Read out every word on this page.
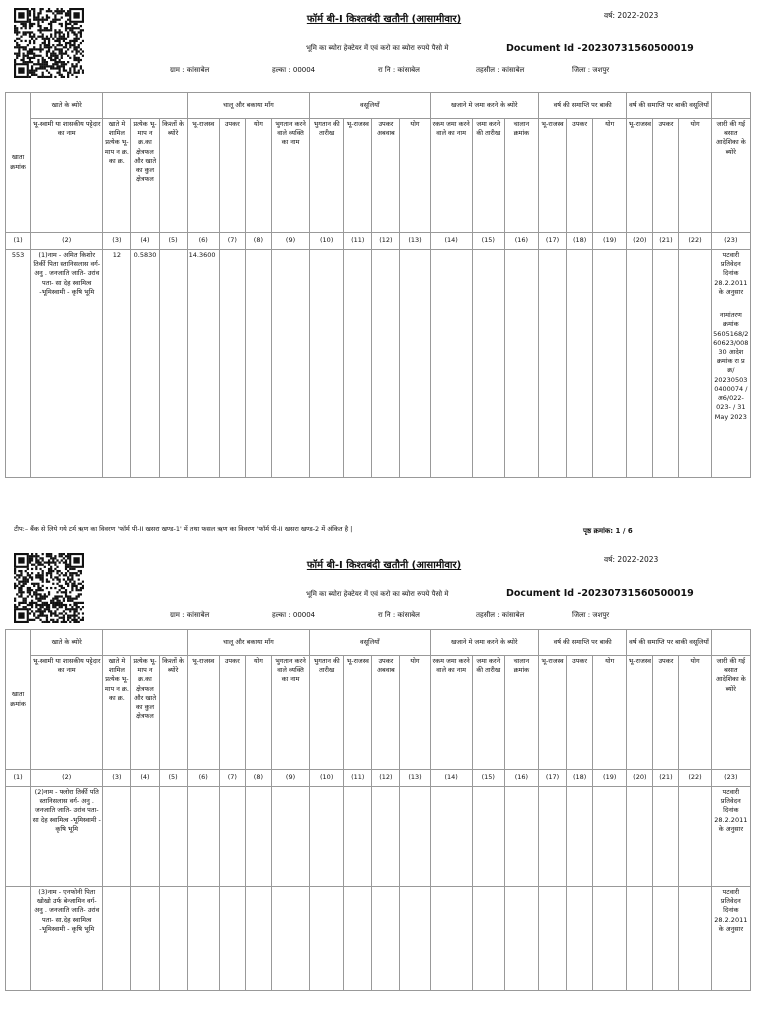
फॉर्म बी-I किश्तबंदी खतौनी (आसामीवार)	वर्ष: 2022-2023
भूमि का ब्योरा हेक्टेयर में एवं करो का ब्योरा रुपये पैसो मे	Document Id -20230731560500019
ग्राम : कांसाबेल	हल्का : 00004	रा नि : कांसाबेल	तहसील : कांसाबेल	जिला : जशपुर
खाता क्रमांक	खाते के ब्योरे				चालू और बकाया माँग				वसूलियाँ				खजाने मे जमा करने के ब्योरे			वर्ष की समाप्ति पर बाकी			वर्ष की समाप्ति पर बाकी वसूलियाँ			
	भू-स्वामी या शासकीय पट्टेदार का नाम	खाते मे शामिल प्रत्येक भू-माप न क्र. का क्र.	प्रत्येक भू-माप न क्र.का क्षेत्रफल और खाते का कुल क्षेत्रफल	किश्तों के ब्योरे	भू-राजस्व	उपकर	योग	भुगतान करने वाले व्यक्ति का नाम	भुगतान की तारीख	भू-राजस्व	उपकर अबवाब	योग	रकम जमा करने वाले का नाम	जमा करने की तारीख	चालान क्रमांक	भू-राजस्व	उपकर	योग	भू-राजस्व	उपकर	योग	जारी की गई बसात आदेशिका के ब्योरे
(1)	(2)	(3)	(4)	(5)	(6)	(7)	(8)	(9)	(10)	(11)	(12)	(13)	(14)	(15)	(16)	(17)	(18)	(19)	(20)	(21)	(22)	(23)
553	(1)नाम - अमित किशोर तिर्की पिता स्तानिसलास वर्ग- अनु . जनजाति जाति- उरांव पता- सा देह स्वामित्व -भूमिस्वामी - कृषि भूमि	12	0.5830		14.3600																	पटवारी प्रतिवेदन दिनांक 28.2.2011 के अनुसार
नामांतरण क्रमांक 5605168/2 60623/008 30 आदेश क्रमांक रा प्र क्र/ 20230503 0400074 /अ6/022- 023- / 31 May 2023
टीप:– बैंक से लिये गये टर्म ऋण का विवरण 'फॉर्म पी-II खसरा खण्ड-1' में तथा फसल ऋण का विवरण 'फॉर्म पी-II खसरा खण्ड-2 में अंकित है |	पृष्ठ क्रमांक: 1 / 6
फॉर्म बी-I किश्तबंदी खतौनी (आसामीवार)
वर्ष: 2022-2023
भूमि का ब्योरा हेक्टेयर में एवं करो का ब्योरा रुपये पैसो मे	Document Id -20230731560500019
ग्राम : कांसाबेल	हल्का : 00004	रा नि : कांसाबेल	तहसील : कांसाबेल	जिला : जशपुर
खाता क्रमांक	खाते के ब्योरे				चालू और बकाया माँग				वसूलियाँ				खजाने मे जमा करने के ब्योरे			वर्ष की समाप्ति पर बाकी			वर्ष की समाप्ति पर बाकी वसूलियाँ			
	भू-स्वामी या शासकीय पट्टेदार का नाम	खाते मे शामिल प्रत्येक भू-माप न क्र. का क्र.	प्रत्येक भू-माप न क्र.का क्षेत्रफल और खाते का कुल क्षेत्रफल	किश्तों के ब्योरे	भू-राजस्व	उपकर	योग	भुगतान करने वाले व्यक्ति का नाम	भुगतान की तारीख	भू-राजस्व	उपकर अबवाब	योग	रकम जमा करने वाले का नाम	जमा करने की तारीख	चालान क्रमांक	भू-राजस्व	उपकर	योग	भू-राजस्व	उपकर	योग	जारी की गई बसात आदेशिका के ब्योरे
(1)	(2)	(3)	(4)	(5)	(6)	(7)	(8)	(9)	(10)	(11)	(12)	(13)	(14)	(15)	(16)	(17)	(18)	(19)	(20)	(21)	(22)	(23)
	(2)नाम - फ्लोरा तिर्की पति स्तानिसलास वर्ग- अनु . जनजाति जाति- उरांव पता- सा देह स्वामित्व -भूमिस्वामी - कृषि भूमि																					पटवारी प्रतिवेदन दिनांक 28.2.2011 के अनुसार
	(3)नाम - एनफोनी पिता खोखो उर्फ बेन्जामिन वर्ग- अनु . जनजाति जाति- उरांव पता- सा.देह स्वामित्व -भूमिस्वामी - कृषि भूमि																					पटवारी प्रतिवेदन दिनांक 28.2.2011 के अनुसार
